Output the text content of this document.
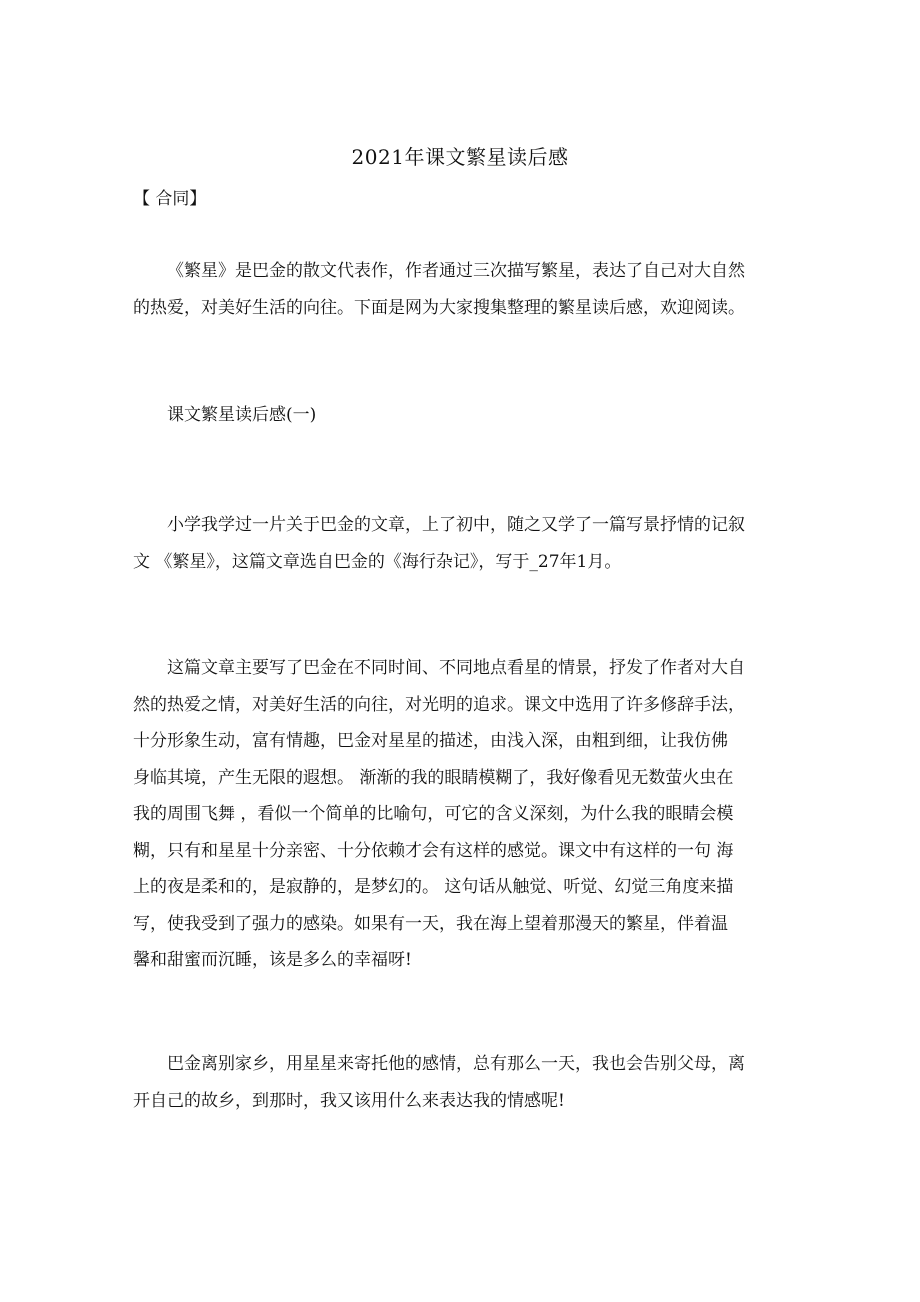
2021年课文繁星读后感

【 合同】

《繁星》是巴金的散文代表作，作者通过三次描写繁星，表达了自己对大自然
的热爱，对美好生活的向往。下面是网为大家搜集整理的繁星读后感，欢迎阅读。

课文繁星读后感(一)

小学我学过一片关于巴金的文章，上了初中，随之又学了一篇写景抒情的记叙
文 《繁星》，这篇文章选自巴金的《海行杂记》，写于_27年1月。

这篇文章主要写了巴金在不同时间、不同地点看星的情景，抒发了作者对大自
然的热爱之情，对美好生活的向往，对光明的追求。课文中选用了许多修辞手法，
十分形象生动，富有情趣，巴金对星星的描述，由浅入深，由粗到细，让我仿佛
身临其境，产生无限的遐想。 渐渐的我的眼睛模糊了，我好像看见无数萤火虫在
我的周围飞舞 ，看似一个简单的比喻句，可它的含义深刻，为什么我的眼睛会模
糊，只有和星星十分亲密、十分依赖才会有这样的感觉。课文中有这样的一句 海
上的夜是柔和的，是寂静的，是梦幻的。 这句话从触觉、听觉、幻觉三角度来描
写，使我受到了强力的感染。如果有一天，我在海上望着那漫天的繁星，伴着温
馨和甜蜜而沉睡，该是多么的幸福呀!

巴金离别家乡，用星星来寄托他的感情，总有那么一天，我也会告别父母，离
开自己的故乡，到那时，我又该用什么来表达我的情感呢!
